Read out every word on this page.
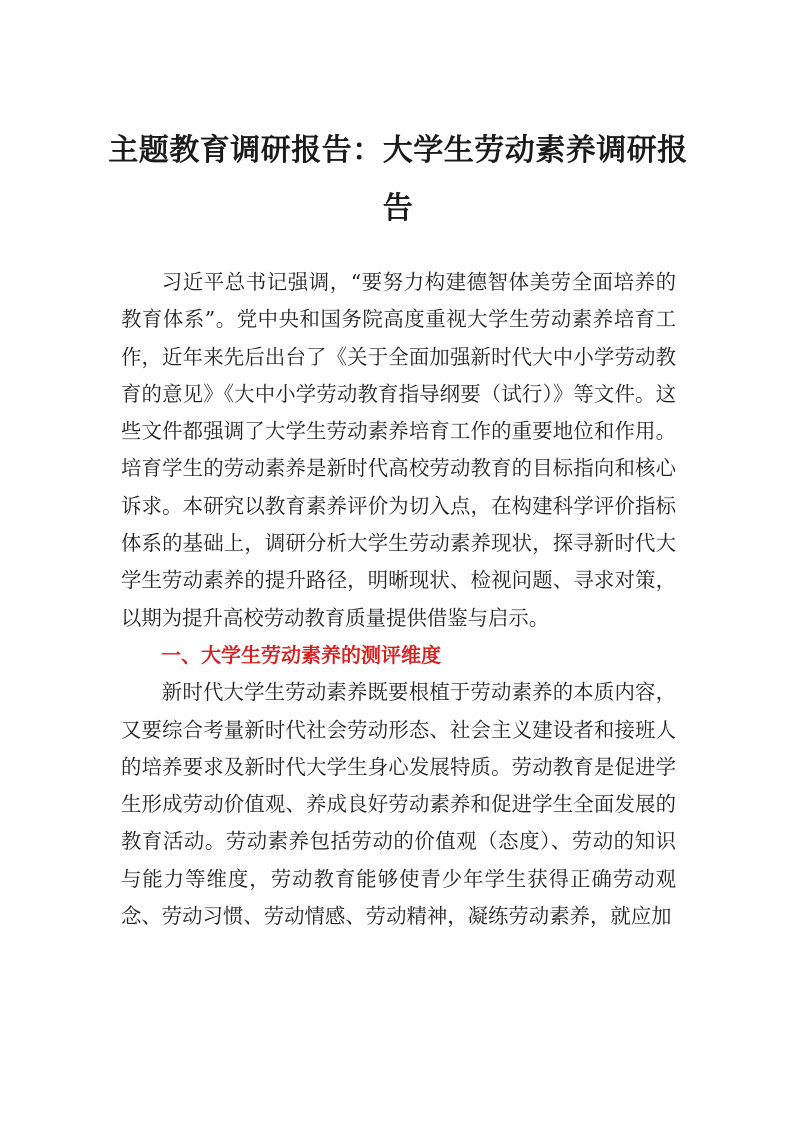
主题教育调研报告：大学生劳动素养调研报告

习近平总书记强调，“要努力构建德智体美劳全面培养的教育体系”。党中央和国务院高度重视大学生劳动素养培育工作，近年来先后出台了《关于全面加强新时代大中小学劳动教育的意见》《大中小学劳动教育指导纲要（试行）》等文件。这些文件都强调了大学生劳动素养培育工作的重要地位和作用。培育学生的劳动素养是新时代高校劳动教育的目标指向和核心诉求。本研究以教育素养评价为切入点，在构建科学评价指标体系的基础上，调研分析大学生劳动素养现状，探寻新时代大学生劳动素养的提升路径，明晰现状、检视问题、寻求对策，以期为提升高校劳动教育质量提供借鉴与启示。

一、大学生劳动素养的测评维度

新时代大学生劳动素养既要根植于劳动素养的本质内容，又要综合考量新时代社会劳动形态、社会主义建设者和接班人的培养要求及新时代大学生身心发展特质。劳动教育是促进学生形成劳动价值观、养成良好劳动素养和促进学生全面发展的教育活动。劳动素养包括劳动的价值观（态度）、劳动的知识与能力等维度，劳动教育能够使青少年学生获得正确劳动观念、劳动习惯、劳动情感、劳动精神，凝练劳动素养，就应加
